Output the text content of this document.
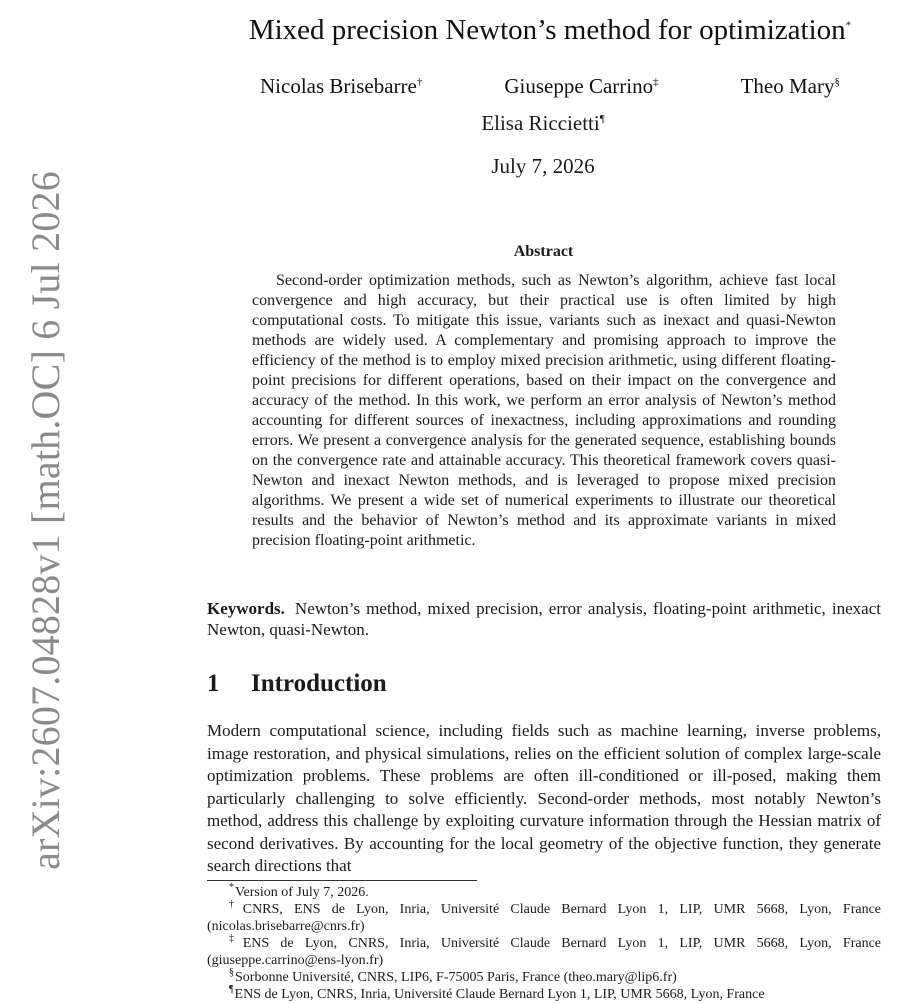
arXiv:2607.04828v1 [math.OC] 6 Jul 2026
Mixed precision Newton’s method for optimization*
Nicolas Brisebarre†	Giuseppe Carrino‡	Theo Mary§
Elisa Riccietti¶
July 7, 2026
Abstract

Second-order optimization methods, such as Newton’s algorithm, achieve fast local convergence and high accuracy, but their practical use is often limited by high computational costs. To mitigate this issue, variants such as inexact and quasi-Newton methods are widely used. A complementary and promising approach to improve the efficiency of the method is to employ mixed precision arithmetic, using different floating-point precisions for different operations, based on their impact on the convergence and accuracy of the method. In this work, we perform an error analysis of Newton’s method accounting for different sources of inexactness, including approximations and rounding errors. We present a convergence analysis for the generated sequence, establishing bounds on the convergence rate and attainable accuracy. This theoretical framework covers quasi-Newton and inexact Newton methods, and is leveraged to propose mixed precision algorithms. We present a wide set of numerical experiments to illustrate our theoretical results and the behavior of Newton’s method and its approximate variants in mixed precision floating-point arithmetic.

Keywords. Newton’s method, mixed precision, error analysis, floating-point arithmetic, inexact Newton, quasi-Newton.

1 Introduction

Modern computational science, including fields such as machine learning, inverse problems, image restoration, and physical simulations, relies on the efficient solution of complex large-scale optimization problems. These problems are often ill-conditioned or ill-posed, making them particularly challenging to solve efficiently. Second-order methods, most notably Newton’s method, address this challenge by exploiting curvature information through the Hessian matrix of second derivatives. By accounting for the local geometry of the objective function, they generate search directions that

*Version of July 7, 2026.

†CNRS, ENS de Lyon, Inria, Université Claude Bernard Lyon 1, LIP, UMR 5668, Lyon, France (nicolas.brisebarre@cnrs.fr)

‡ENS de Lyon, CNRS, Inria, Université Claude Bernard Lyon 1, LIP, UMR 5668, Lyon, France (giuseppe.carrino@ens-lyon.fr)

§Sorbonne Université, CNRS, LIP6, F-75005 Paris, France (theo.mary@lip6.fr)

¶ENS de Lyon, CNRS, Inria, Université Claude Bernard Lyon 1, LIP, UMR 5668, Lyon, France
